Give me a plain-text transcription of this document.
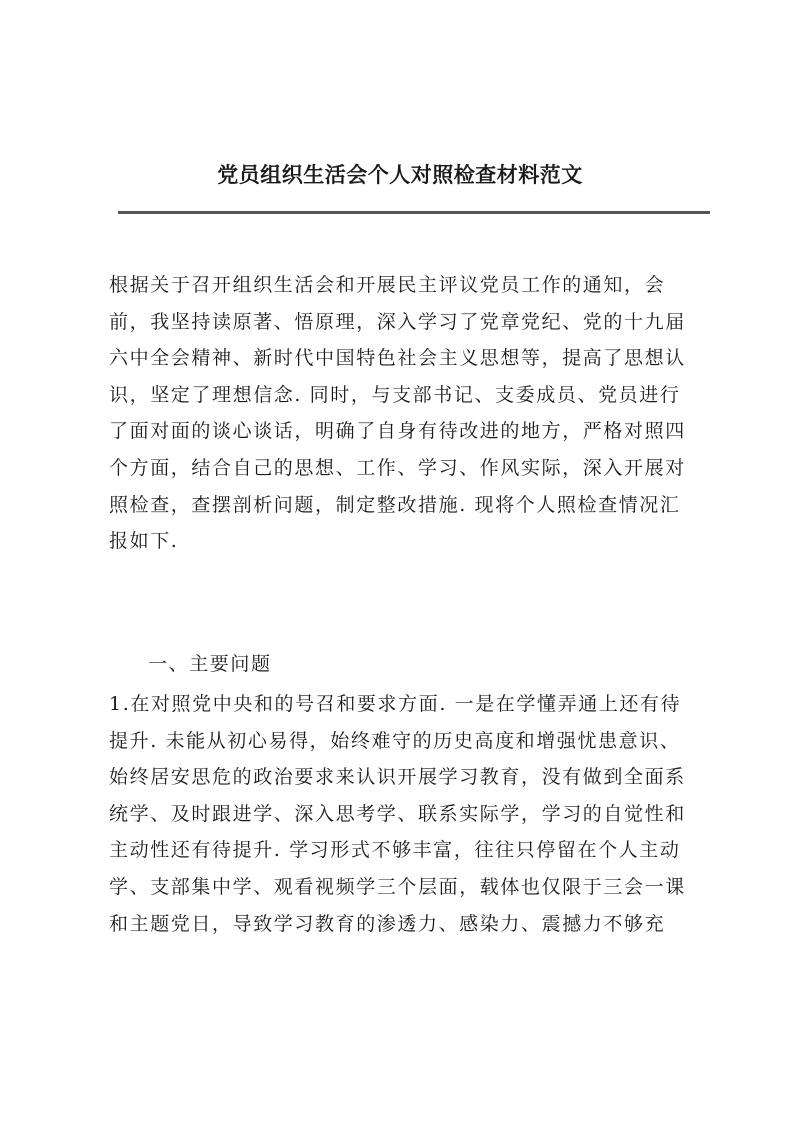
党员组织生活会个人对照检查材料范文
根据关于召开组织生活会和开展民主评议党员工作的通知，会
前，我坚持读原著、悟原理，深入学习了党章党纪、党的十九届
六中全会精神、新时代中国特色社会主义思想等，提高了思想认
识，坚定了理想信念. 同时，与支部书记、支委成员、党员进行
了面对面的谈心谈话，明确了自身有待改进的地方，严格对照四
个方面，结合自己的思想、工作、学习、作风实际，深入开展对
照检查，查摆剖析问题，制定整改措施. 现将个人照检查情况汇
报如下.
一、主要问题
1.在对照党中央和的号召和要求方面. 一是在学懂弄通上还有待
提升. 未能从初心易得，始终难守的历史高度和增强忧患意识、
始终居安思危的政治要求来认识开展学习教育，没有做到全面系
统学、及时跟进学、深入思考学、联系实际学，学习的自觉性和
主动性还有待提升. 学习形式不够丰富，往往只停留在个人主动
学、支部集中学、观看视频学三个层面，载体也仅限于三会一课
和主题党日，导致学习教育的渗透力、感染力、震撼力不够充
